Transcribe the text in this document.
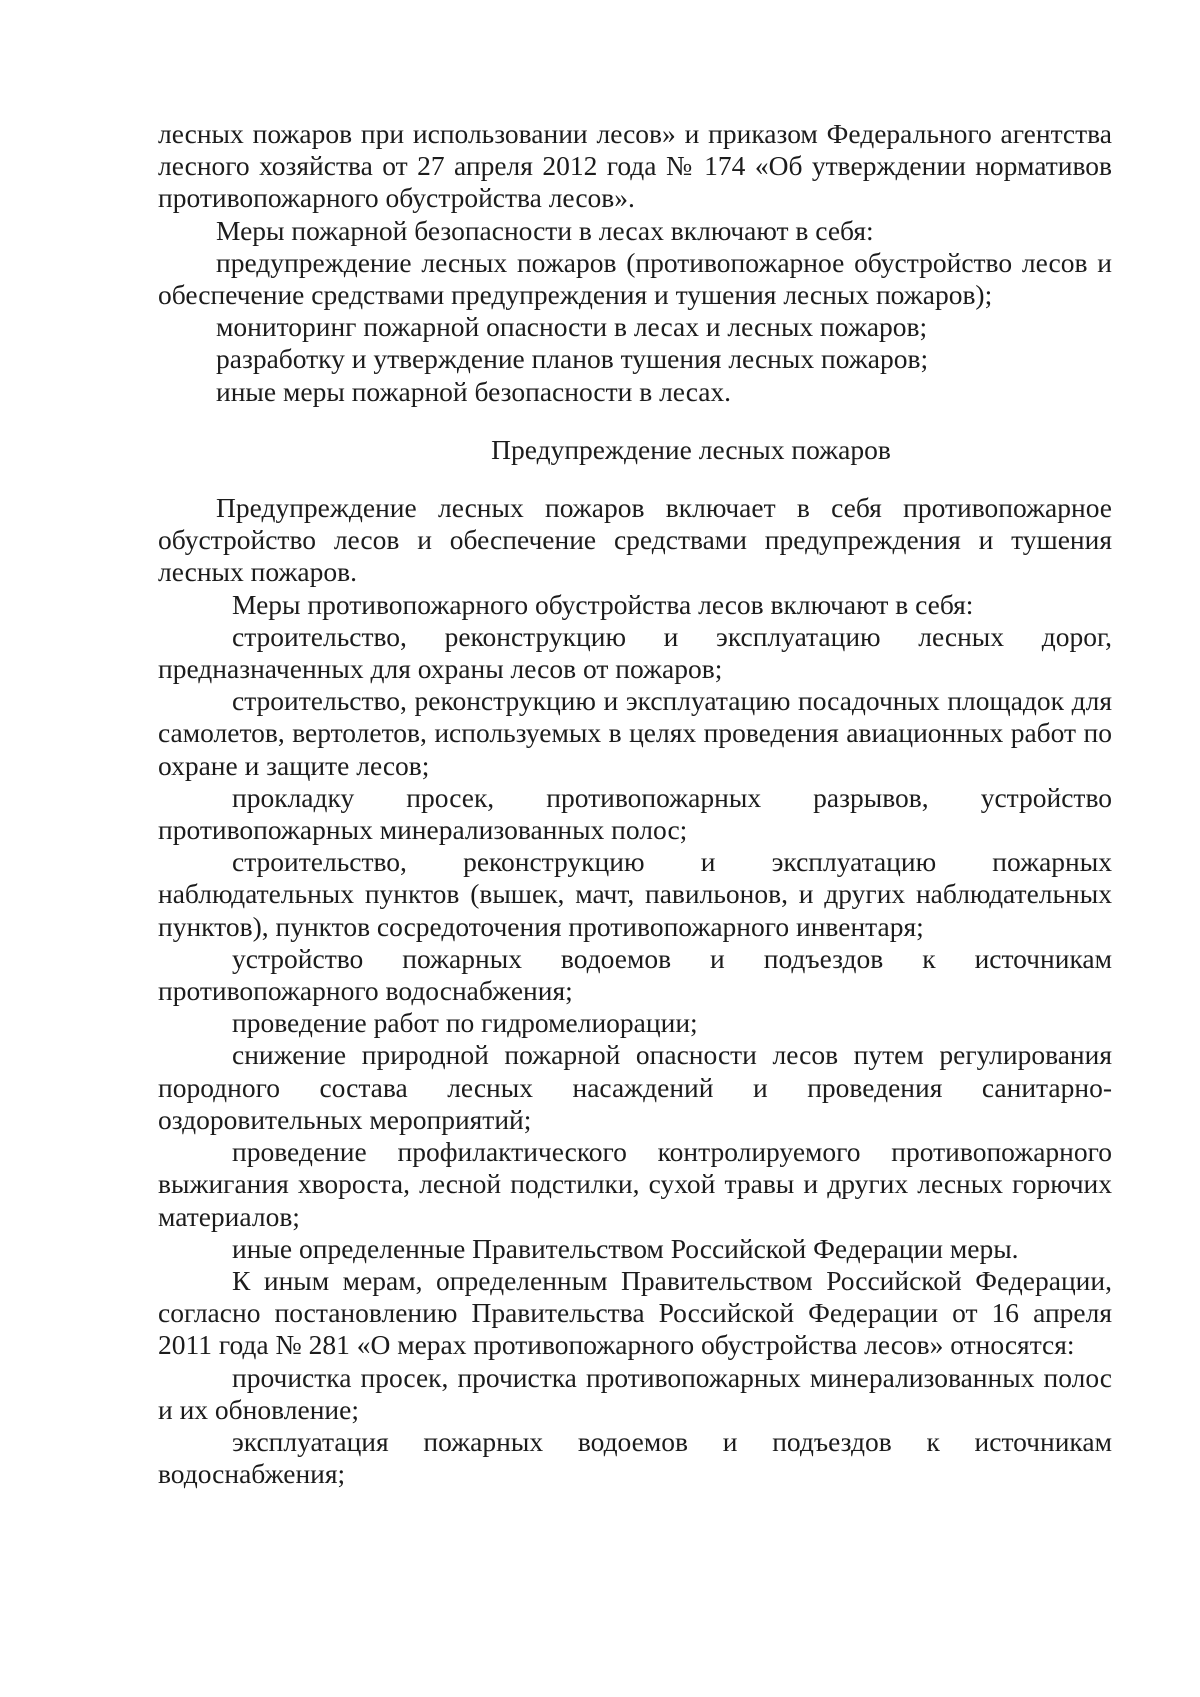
лесных пожаров при использовании лесов» и приказом Федерального агентства лесного хозяйства от 27 апреля 2012 года № 174 «Об утверждении нормативов противопожарного обустройства лесов».

Меры пожарной безопасности в лесах включают в себя:

предупреждение лесных пожаров (противопожарное обустройство лесов и обеспечение средствами предупреждения и тушения лесных пожаров);

мониторинг пожарной опасности в лесах и лесных пожаров;

разработку и утверждение планов тушения лесных пожаров;

иные меры пожарной безопасности в лесах.

Предупреждение лесных пожаров

Предупреждение лесных пожаров включает в себя противопожарное обустройство лесов и обеспечение средствами предупреждения и тушения лесных пожаров.

Меры противопожарного обустройства лесов включают в себя:

строительство, реконструкцию и эксплуатацию лесных дорог, предназначенных для охраны лесов от пожаров;

строительство, реконструкцию и эксплуатацию посадочных площадок для самолетов, вертолетов, используемых в целях проведения авиационных работ по охране и защите лесов;

прокладку просек, противопожарных разрывов, устройство противопожарных минерализованных полос;

строительство, реконструкцию и эксплуатацию пожарных наблюдательных пунктов (вышек, мачт, павильонов, и других наблюдательных пунктов), пунктов сосредоточения противопожарного инвентаря;

устройство пожарных водоемов и подъездов к источникам противопожарного водоснабжения;

проведение работ по гидромелиорации;

снижение природной пожарной опасности лесов путем регулирования породного состава лесных насаждений и проведения санитарно-оздоровительных мероприятий;

проведение профилактического контролируемого противопожарного выжигания хвороста, лесной подстилки, сухой травы и других лесных горючих материалов;

иные определенные Правительством Российской Федерации меры.

К иным мерам, определенным Правительством Российской Федерации, согласно постановлению Правительства Российской Федерации от 16 апреля 2011 года № 281 «О мерах противопожарного обустройства лесов» относятся:

прочистка просек, прочистка противопожарных минерализованных полос и их обновление;

эксплуатация пожарных водоемов и подъездов к источникам водоснабжения;
